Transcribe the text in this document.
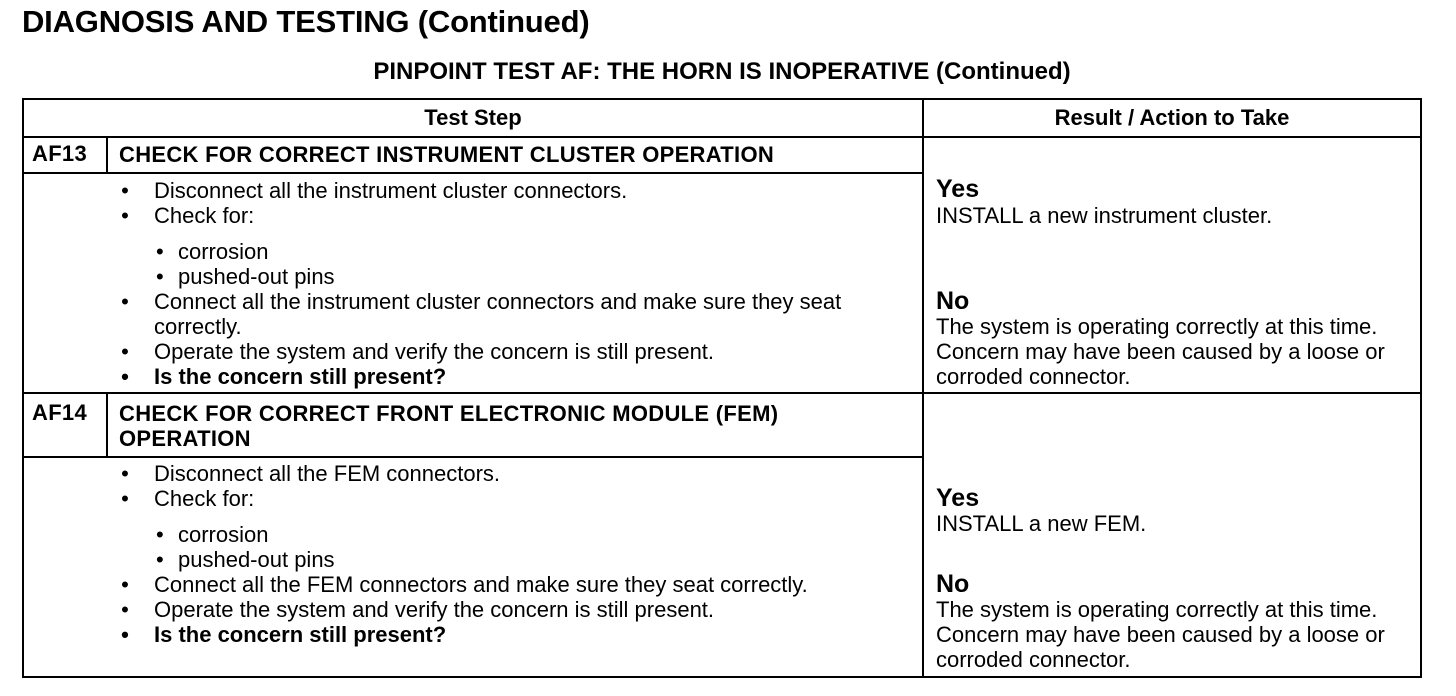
DIAGNOSIS AND TESTING (Continued)
PINPOINT TEST AF: THE HORN IS INOPERATIVE (Continued)
Test Step	Result / Action to Take
AF13 CHECK FOR CORRECT INSTRUMENT CLUSTER OPERATION
• Disconnect all the instrument cluster connectors.
• Check for:
• corrosion
• pushed-out pins
• Connect all the instrument cluster connectors and make sure they seat correctly.
• Operate the system and verify the concern is still present.
• Is the concern still present?
Yes
INSTALL a new instrument cluster.
No
The system is operating correctly at this time. Concern may have been caused by a loose or corroded connector.
AF14 CHECK FOR CORRECT FRONT ELECTRONIC MODULE (FEM) OPERATION
• Disconnect all the FEM connectors.
• Check for:
• corrosion
• pushed-out pins
• Connect all the FEM connectors and make sure they seat correctly.
• Operate the system and verify the concern is still present.
• Is the concern still present?
Yes
INSTALL a new FEM.
No
The system is operating correctly at this time. Concern may have been caused by a loose or corroded connector.
